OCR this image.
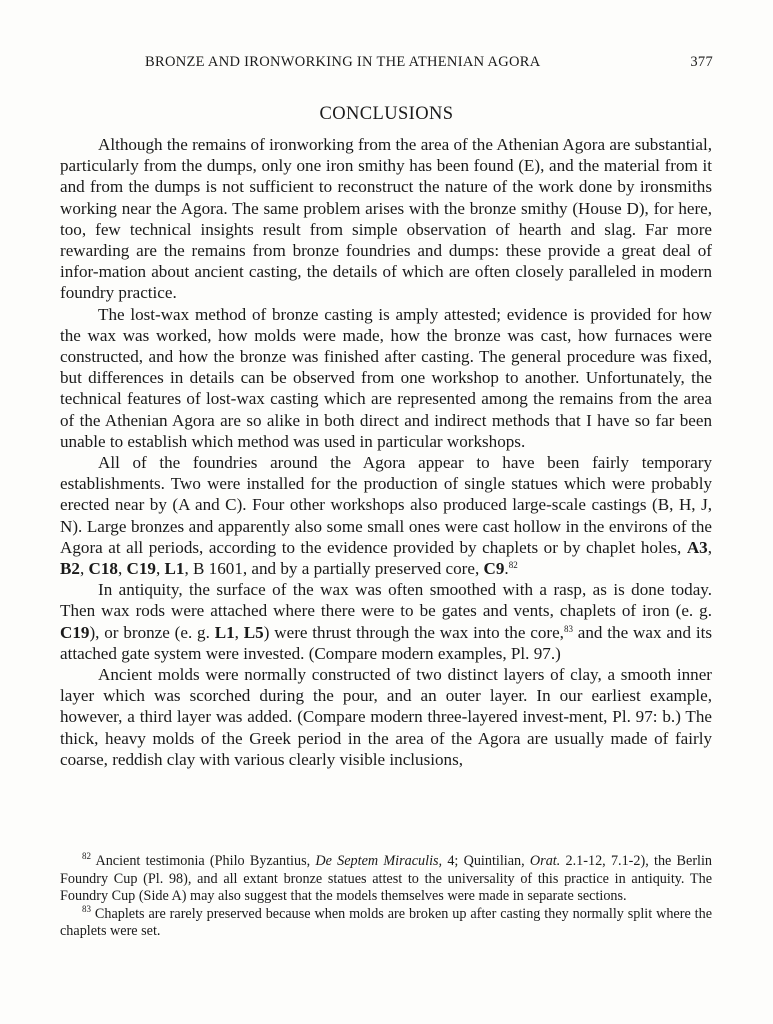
BRONZE AND IRONWORKING IN THE ATHENIAN AGORA	377
CONCLUSIONS

Although the remains of ironworking from the area of the Athenian Agora are substantial, particularly from the dumps, only one iron smithy has been found (E), and the material from it and from the dumps is not sufficient to reconstruct the nature of the work done by ironsmiths working near the Agora. The same problem arises with the bronze smithy (House D), for here, too, few technical insights result from simple observation of hearth and slag. Far more rewarding are the remains from bronze foundries and dumps: these provide a great deal of infor-mation about ancient casting, the details of which are often closely paralleled in modern foundry practice.

The lost-wax method of bronze casting is amply attested; evidence is provided for how the wax was worked, how molds were made, how the bronze was cast, how furnaces were constructed, and how the bronze was finished after casting. The general procedure was fixed, but differences in details can be observed from one workshop to another. Unfortunately, the technical features of lost-wax casting which are represented among the remains from the area of the Athenian Agora are so alike in both direct and indirect methods that I have so far been unable to establish which method was used in particular workshops.

All of the foundries around the Agora appear to have been fairly temporary establishments. Two were installed for the production of single statues which were probably erected near by (A and C). Four other workshops also produced large-scale castings (B, H, J, N). Large bronzes and apparently also some small ones were cast hollow in the environs of the Agora at all periods, according to the evidence provided by chaplets or by chaplet holes, A3, B2, C18, C19, L1, B 1601, and by a partially preserved core, C9.82

In antiquity, the surface of the wax was often smoothed with a rasp, as is done today. Then wax rods were attached where there were to be gates and vents, chaplets of iron (e. g. C19), or bronze (e. g. L1, L5) were thrust through the wax into the core,$^{83}$ and the wax and its attached gate system were invested. (Compare modern examples, Pl. 97.)

Ancient molds were normally constructed of two distinct layers of clay, a smooth inner layer which was scorched during the pour, and an outer layer. In our earliest example, however, a third layer was added. (Compare modern three-layered invest-ment, Pl. 97: b.) The thick, heavy molds of the Greek period in the area of the Agora are usually made of fairly coarse, reddish clay with various clearly visible inclusions,

$^{82}$ Ancient testimonia (Philo Byzantius, De Septem Miraculis, 4; Quintilian, Orat. 2.1-12, 7.1-2), the Berlin Foundry Cup (Pl. 98), and all extant bronze statues attest to the universality of this practice in antiquity. The Foundry Cup (Side A) may also suggest that the models themselves were made in separate sections.

$^{83}$ Chaplets are rarely preserved because when molds are broken up after casting they normally split where the chaplets were set.
